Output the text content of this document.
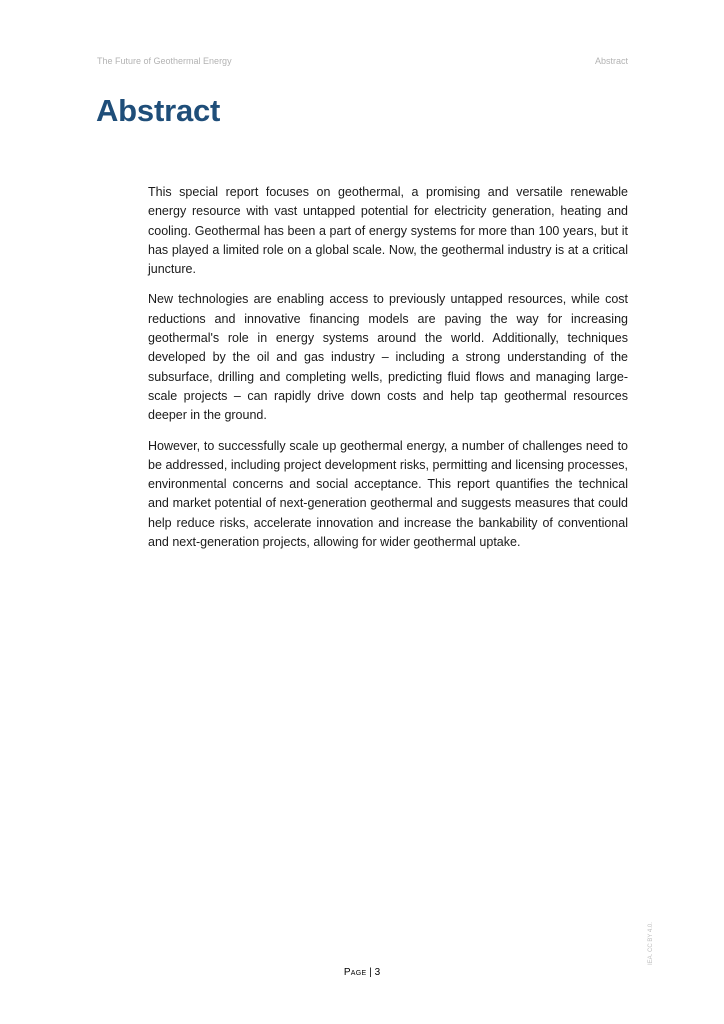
The Future of Geothermal Energy	Abstract
Abstract

This special report focuses on geothermal, a promising and versatile renewable energy resource with vast untapped potential for electricity generation, heating and cooling. Geothermal has been a part of energy systems for more than 100 years, but it has played a limited role on a global scale. Now, the geothermal industry is at a critical juncture.

New technologies are enabling access to previously untapped resources, while cost reductions and innovative financing models are paving the way for increasing geothermal's role in energy systems around the world. Additionally, techniques developed by the oil and gas industry – including a strong understanding of the subsurface, drilling and completing wells, predicting fluid flows and managing large-scale projects – can rapidly drive down costs and help tap geothermal resources deeper in the ground.

However, to successfully scale up geothermal energy, a number of challenges need to be addressed, including project development risks, permitting and licensing processes, environmental concerns and social acceptance. This report quantifies the technical and market potential of next-generation geothermal and suggests measures that could help reduce risks, accelerate innovation and increase the bankability of conventional and next-generation projects, allowing for wider geothermal uptake.

Page | 3
IEA. CC BY 4.0.
